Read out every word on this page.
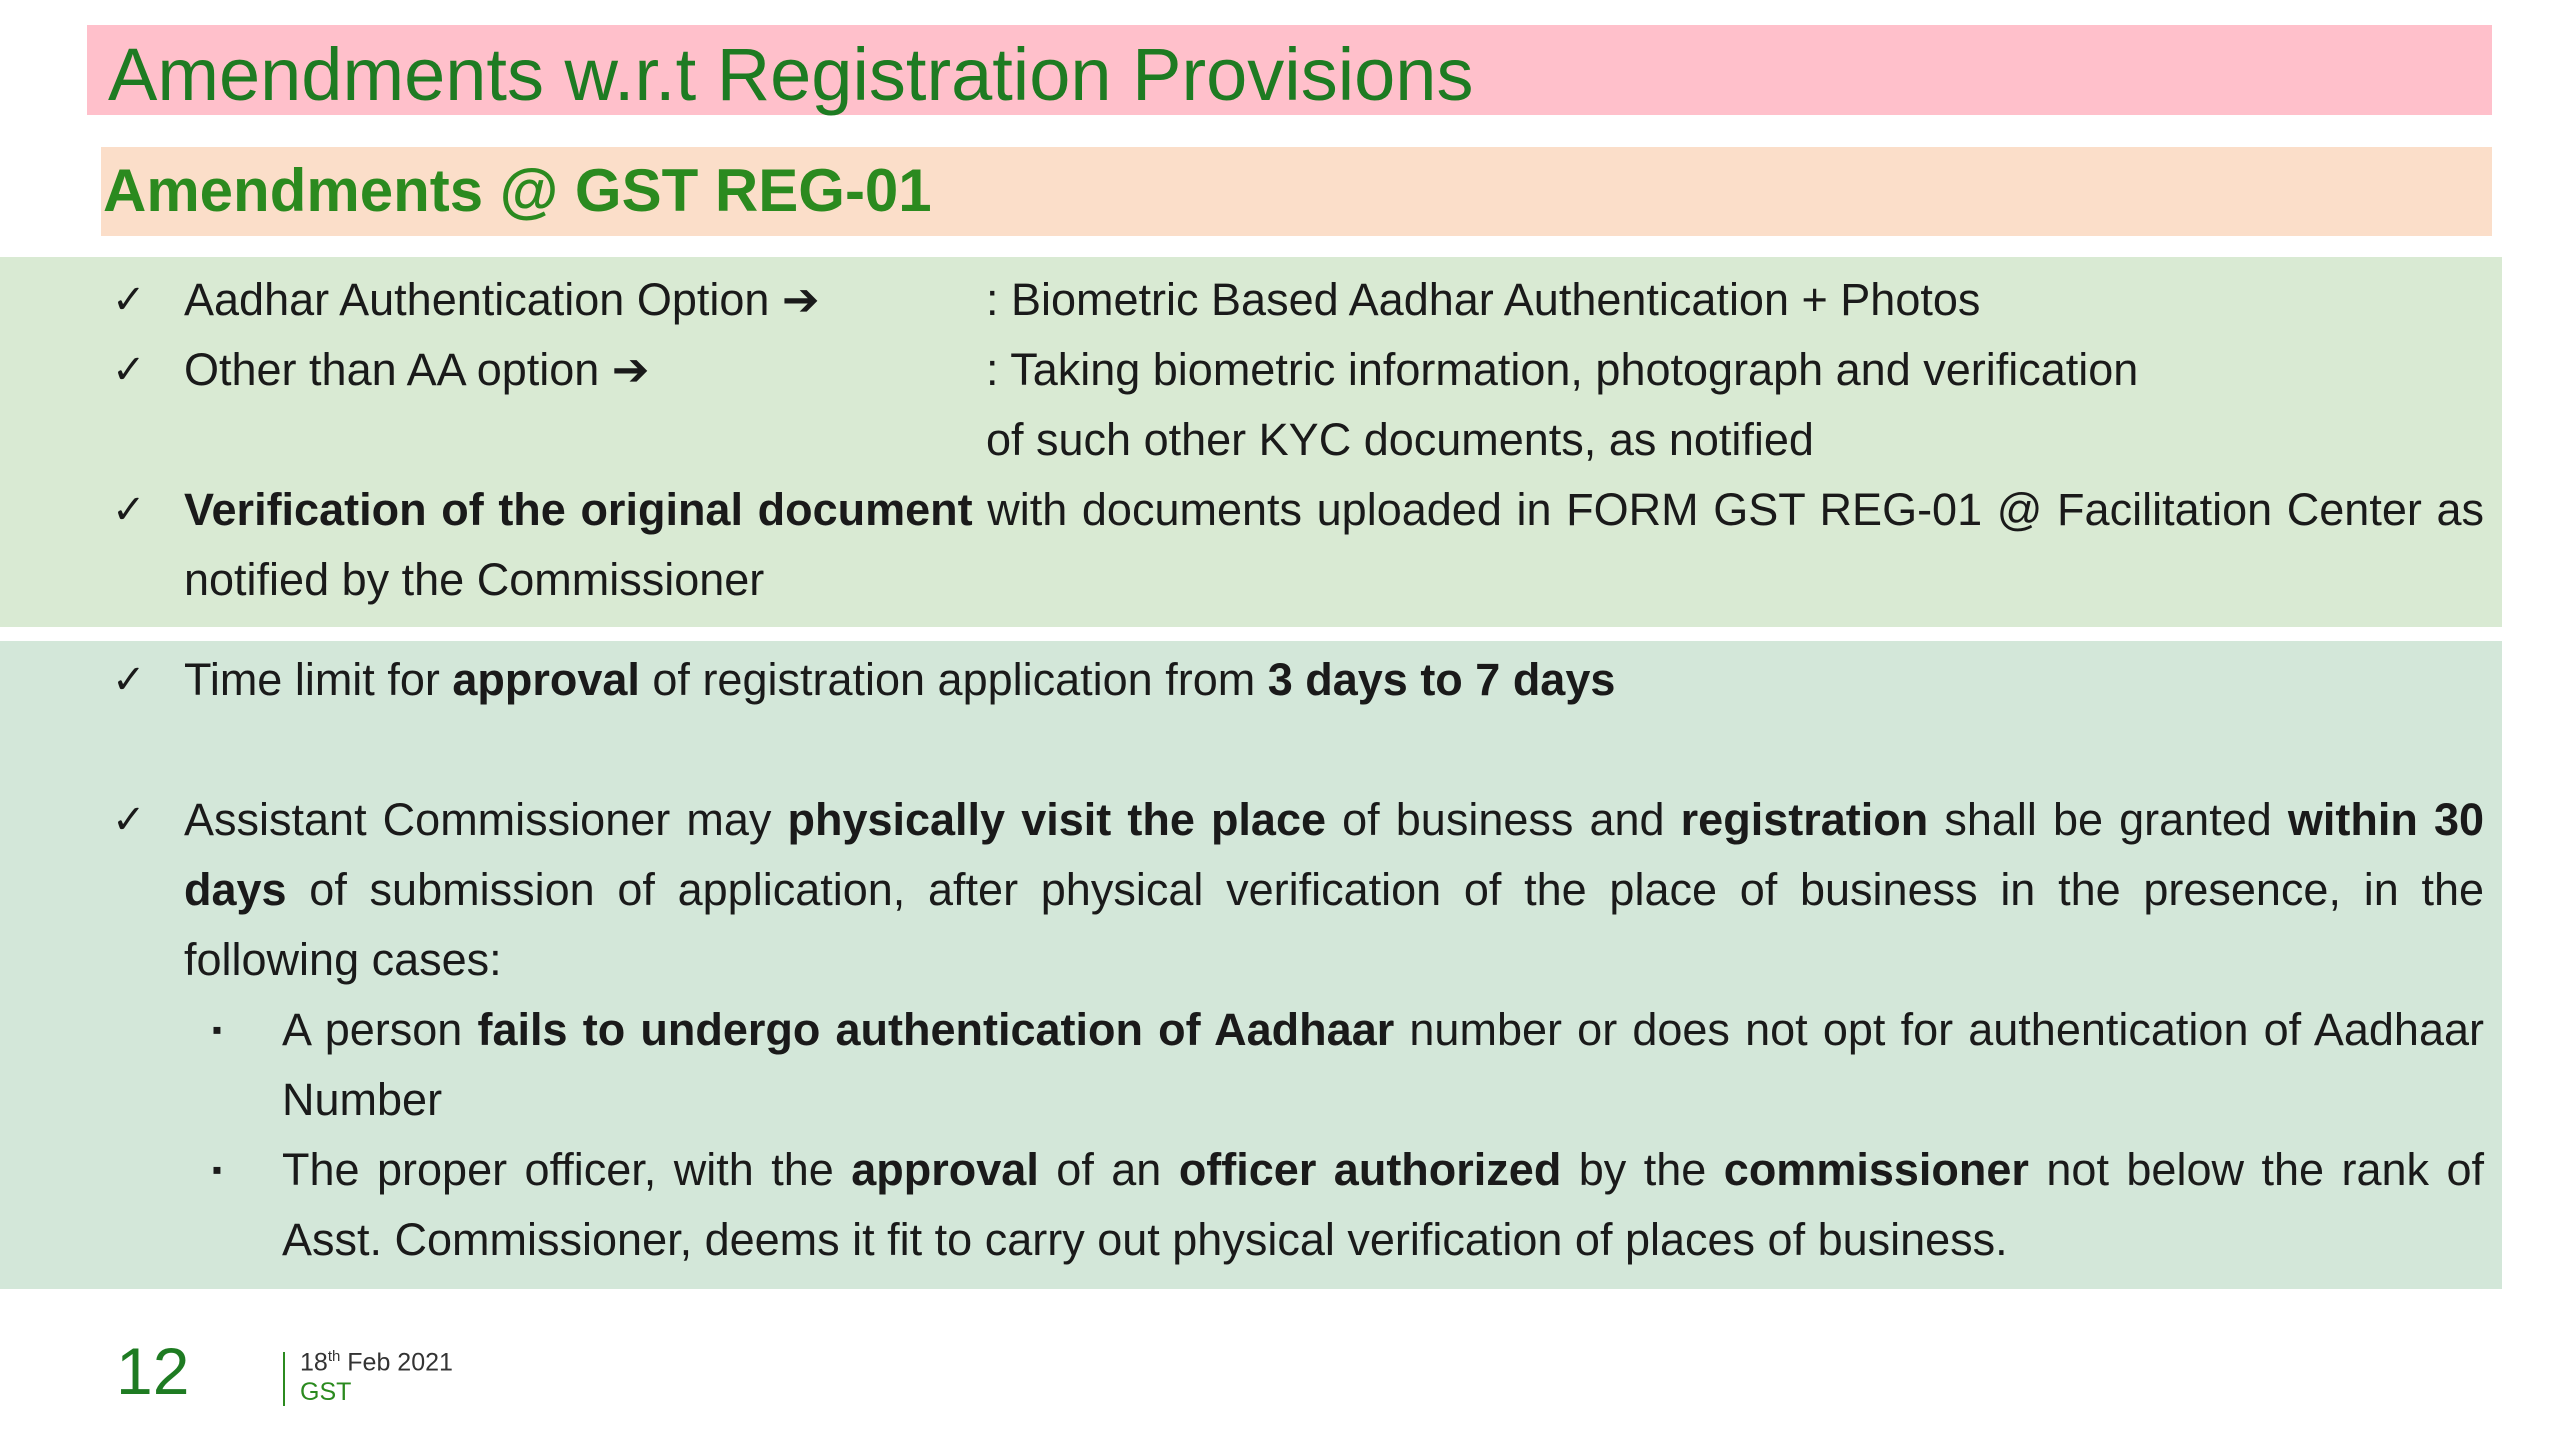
Amendments w.r.t Registration Provisions
Amendments @ GST REG-01
✓ Aadhar Authentication Option ➔	: Biometric Based Aadhar Authentication + Photos
✓ Other than AA option ➔	: Taking biometric information, photograph and verification
of such other KYC documents, as notified
✓ Verification of the original document with documents uploaded in FORM GST REG-01 @ Facilitation Center as notified by the Commissioner
✓ Time limit for approval of registration application from 3 days to 7 days
✓ Assistant Commissioner may physically visit the place of business and registration shall be granted within 30 days of submission of application, after physical verification of the place of business in the presence, in the following cases:
▪ A person fails to undergo authentication of Aadhaar number or does not opt for authentication of Aadhaar Number
▪ The proper officer, with the approval of an officer authorized by the commissioner not below the rank of Asst. Commissioner, deems it fit to carry out physical verification of places of business.
12	18th Feb 2021
GST
